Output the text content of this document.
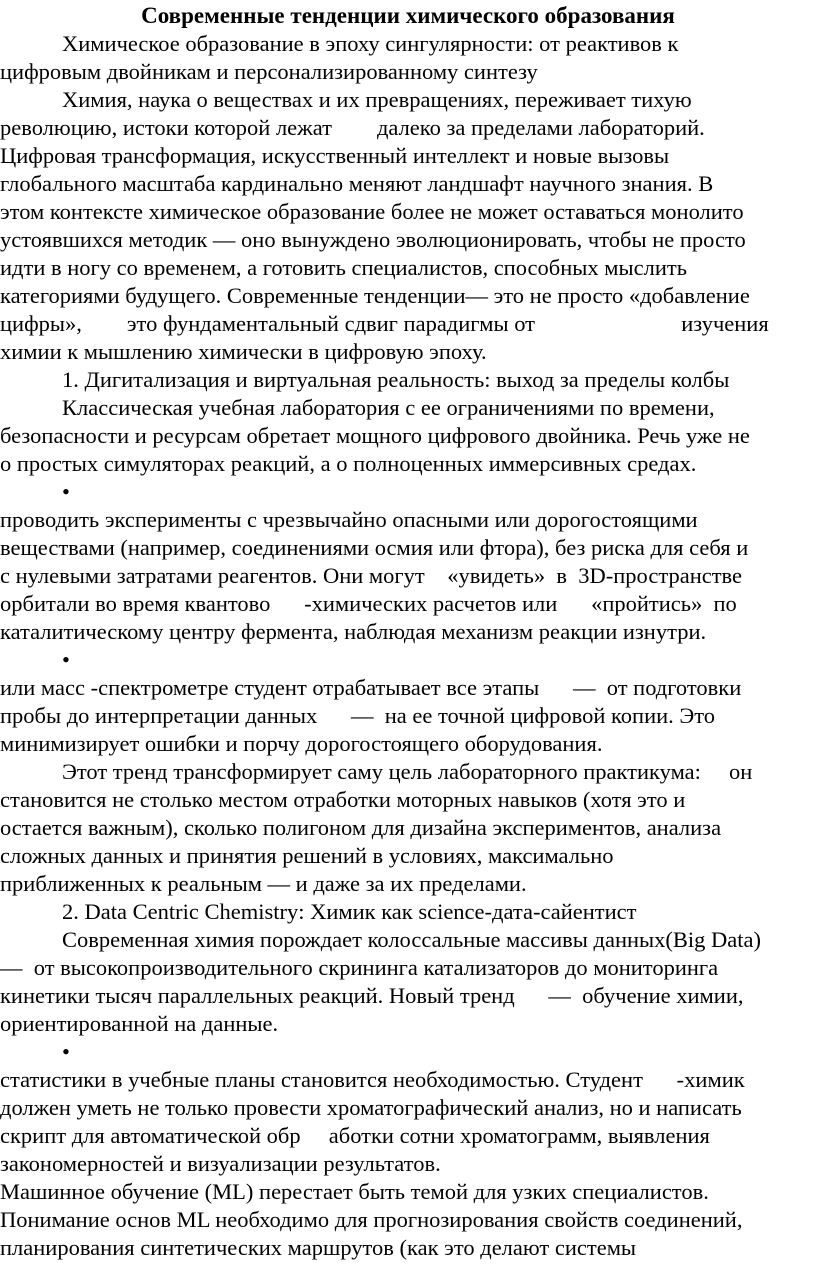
Современные тенденции химического образования
Химическое образование в эпоху сингулярности: от реактивов к
цифровым двойникам и персонализированному синтезу
Химия, наука о веществах и их превращениях, переживает тихую
революцию, истоки которой лежат        далеко за пределами лабораторий.
Цифровая трансформация, искусственный интеллект и новые вызовы
глобального масштаба кардинально меняют ландшафт научного знания. В
этом контексте химическое образование более не может оставаться монолито
устоявшихся методик — оно вынуждено эволюционировать, чтобы не просто
идти в ногу со временем, а готовить специалистов, способных мыслить
категориями будущего. Современные тенденции— это не просто «добавление
цифры»,        это фундаментальный сдвиг парадигмы от                          изучения
химии к мышлению химически в цифровую эпоху.
1. Дигитализация и виртуальная реальность: выход за пределы колбы
Классическая учебная лаборатория с ее ограничениями по времени,
безопасности и ресурсам обретает мощного цифрового двойника. Речь уже не
о простых симуляторах реакций, а о полноценных иммерсивных средах.

•

проводить эксперименты с чрезвычайно опасными или дорогостоящими
веществами (например, соединениями осмия или фтора), без риска для себя и
с нулевыми затратами реагентов. Они могут    «увидеть»  в  3D-пространстве
орбитали во время квантово      -химических расчетов или      «пройтись»  по
каталитическому центру фермента, наблюдая механизм реакции изнутри.

•

или масс -спектрометре студент отрабатывает все этапы      —  от подготовки
пробы до интерпретации данных      —  на ее точной цифровой копии. Это
минимизирует ошибки и порчу дорогостоящего оборудования.
Этот тренд трансформирует саму цель лабораторного практикума:     он
становится не столько местом отработки моторных навыков (хотя это и
остается важным), сколько полигоном для дизайна экспериментов, анализа
сложных данных и принятия решений в условиях, максимально
приближенных к реальным — и даже за их пределами.
2. Data Centric Chemistry: Химик как science-дата-сайентист
Современная химия порождает колоссальные массивы данных(Big Data)
—  от высокопроизводительного скрининга катализаторов до мониторинга
кинетики тысяч параллельных реакций. Новый тренд      —  обучение химии,
ориентированной на данные.

•

статистики в учебные планы становится необходимостью. Студент      -химик
должен уметь не только провести хроматографический анализ, но и написать
скрипт для автоматической обр     аботки сотни хроматограмм, выявления
закономерностей и визуализации результатов.
Машинное обучение (ML) перестает быть темой для узких специалистов.
Понимание основ ML необходимо для прогнозирования свойств соединений,
планирования синтетических маршрутов (как это делают системы
